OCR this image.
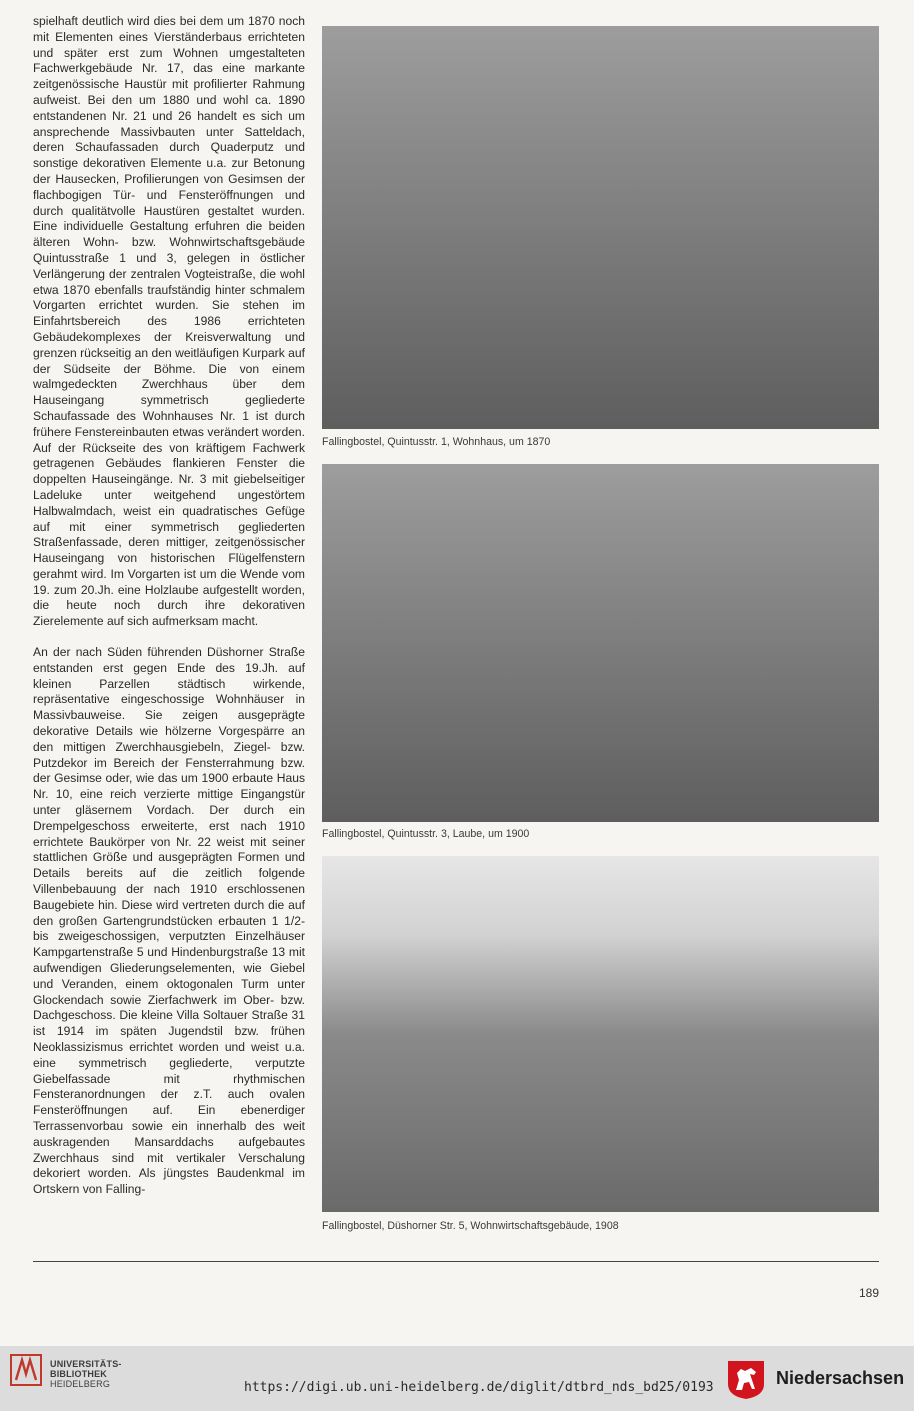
spielhaft deutlich wird dies bei dem um 1870 noch mit Elementen eines Vierständerbaus errichteten und später erst zum Wohnen umgestalteten Fachwerkgebäude Nr. 17, das eine markante zeitgenössische Haustür mit profilierter Rahmung aufweist. Bei den um 1880 und wohl ca. 1890 entstandenen Nr. 21 und 26 handelt es sich um ansprechende Massivbauten unter Satteldach, deren Schaufassaden durch Quaderputz und sonstige dekorativen Elemente u.a. zur Betonung der Hausecken, Profilierungen von Gesimsen der flachbogigen Tür- und Fensteröffnungen und durch qualitätvolle Haustüren gestaltet wurden. Eine individuelle Gestaltung erfuhren die beiden älteren Wohn- bzw. Wohnwirtschaftsgebäude Quintusstraße 1 und 3, gelegen in östlicher Verlängerung der zentralen Vogteistraße, die wohl etwa 1870 ebenfalls traufständig hinter schmalem Vorgarten errichtet wurden. Sie stehen im Einfahrtsbereich des 1986 errichteten Gebäudekomplexes der Kreisverwaltung und grenzen rückseitig an den weitläufigen Kurpark auf der Südseite der Böhme. Die von einem walmgedeckten Zwerchhaus über dem Hauseingang symmetrisch gegliederte Schaufassade des Wohnhauses Nr. 1 ist durch frühere Fenstereinbauten etwas verändert worden. Auf der Rückseite des von kräftigem Fachwerk getragenen Gebäudes flankieren Fenster die doppelten Hauseingänge. Nr. 3 mit giebelseitiger Ladeluke unter weitgehend ungestörtem Halbwalmdach, weist ein quadratisches Gefüge auf mit einer symmetrisch gegliederten Straßenfassade, deren mittiger, zeitgenössischer Hauseingang von historischen Flügelfenstern gerahmt wird. Im Vorgarten ist um die Wende vom 19. zum 20.Jh. eine Holzlaube aufgestellt worden, die heute noch durch ihre dekorativen Zierelemente auf sich aufmerksam macht.

An der nach Süden führenden Düshorner Straße entstanden erst gegen Ende des 19.Jh. auf kleinen Parzellen städtisch wirkende, repräsentative eingeschossige Wohnhäuser in Massivbauweise. Sie zeigen ausgeprägte dekorative Details wie hölzerne Vorgespärre an den mittigen Zwerchhausgiebeln, Ziegel- bzw. Putzdekor im Bereich der Fensterrahmung bzw. der Gesimse oder, wie das um 1900 erbaute Haus Nr. 10, eine reich verzierte mittige Eingangstür unter gläsernem Vordach. Der durch ein Drempelgeschoss erweiterte, erst nach 1910 errichtete Baukörper von Nr. 22 weist mit seiner stattlichen Größe und ausgeprägten Formen und Details bereits auf die zeitlich folgende Villenbebauung der nach 1910 erschlossenen Baugebiete hin. Diese wird vertreten durch die auf den großen Gartengrundstücken erbauten 1 1/2- bis zweigeschossigen, verputzten Einzelhäuser Kampgartenstraße 5 und Hindenburgstraße 13 mit aufwendigen Gliederungselementen, wie Giebel und Veranden, einem oktogonalen Turm unter Glockendach sowie Zierfachwerk im Ober- bzw. Dachgeschoss. Die kleine Villa Soltauer Straße 31 ist 1914 im späten Jugendstil bzw. frühen Neoklassizismus errichtet worden und weist u.a. eine symmetrisch gegliederte, verputzte Giebelfassade mit rhythmischen Fensteranordnungen der z.T. auch ovalen Fensteröffnungen auf. Ein ebenerdiger Terrassenvorbau sowie ein innerhalb des weit auskragenden Mansarddachs aufgebautes Zwerchhaus sind mit vertikaler Verschalung dekoriert worden. Als jüngstes Baudenkmal im Ortskern von Falling-

Fallingbostel, Quintusstr. 1, Wohnhaus, um 1870
Fallingbostel, Quintusstr. 3, Laube, um 1900
Fallingbostel, Düshorner Str. 5, Wohnwirtschaftsgebäude, 1908
189
UNIVERSITÄTS-
BIBLIOTHEK
HEIDELBERG	https://digi.ub.uni-heidelberg.de/diglit/dtbrd_nds_bd25/0193	Niedersachsen
